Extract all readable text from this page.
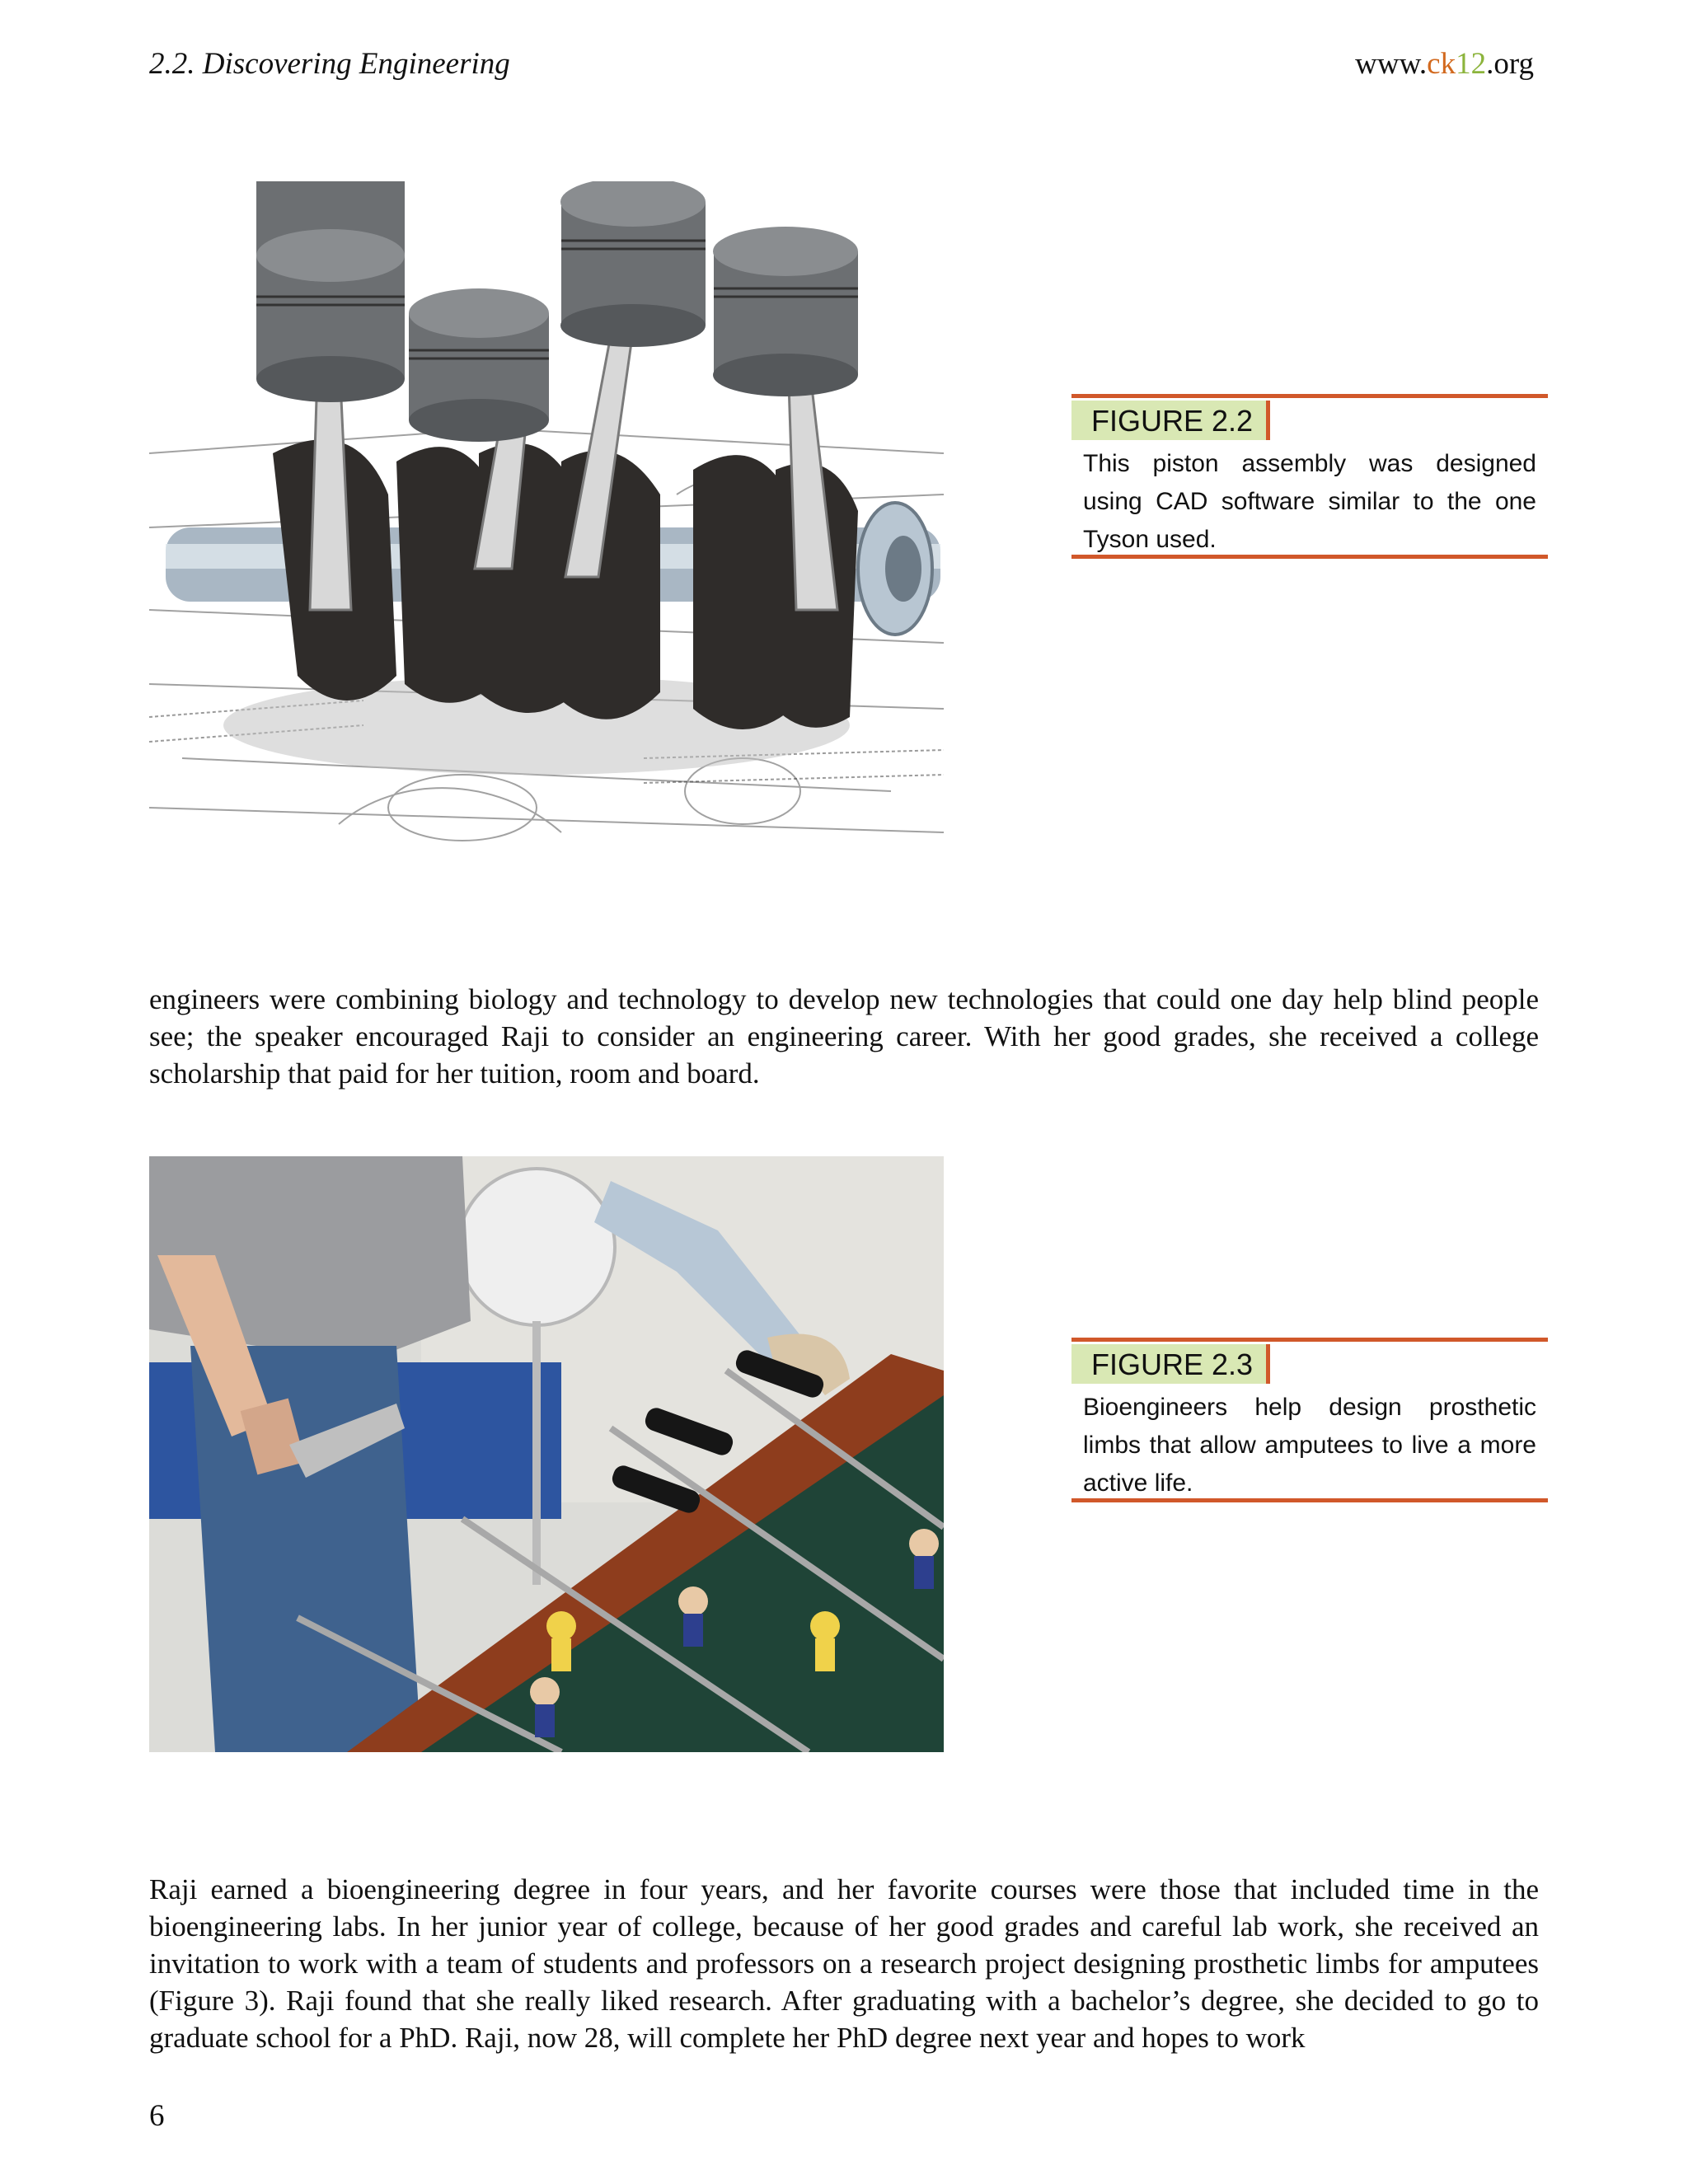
2.2. Discovering Engineering	www.ck12.org
FIGURE 2.2
This piston assembly was designed using CAD software similar to the one Tyson used.
engineers were combining biology and technology to develop new technologies that could one day help blind people see; the speaker encouraged Raji to consider an engineering career. With her good grades, she received a college scholarship that paid for her tuition, room and board.
FIGURE 2.3
Bioengineers help design prosthetic limbs that allow amputees to live a more active life.
Raji earned a bioengineering degree in four years, and her favorite courses were those that included time in the bioengineering labs. In her junior year of college, because of her good grades and careful lab work, she received an invitation to work with a team of students and professors on a research project designing prosthetic limbs for amputees (Figure 3). Raji found that she really liked research. After graduating with a bachelor’s degree, she decided to go to graduate school for a PhD. Raji, now 28, will complete her PhD degree next year and hopes to work
6
